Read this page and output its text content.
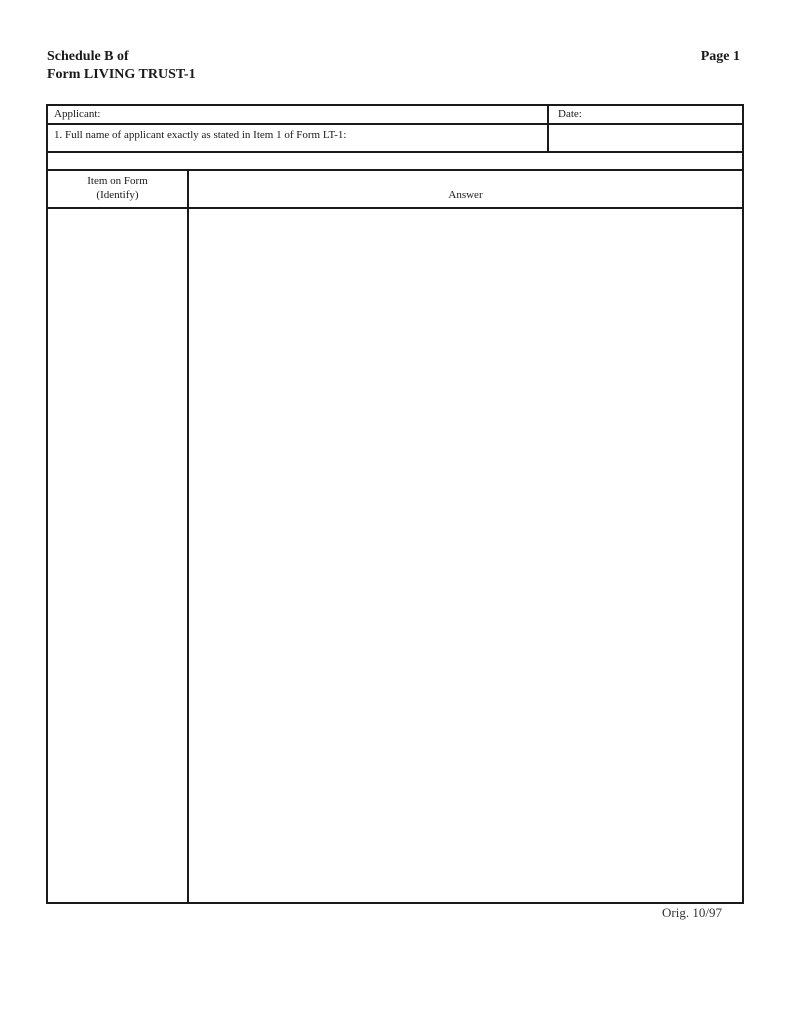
Schedule B of
Form LIVING TRUST-1
Page 1
Applicant:	Date:
1. Full name of applicant exactly as stated in Item 1 of Form LT-1:
Item on Form
(Identify)	Answer
Orig. 10/97
